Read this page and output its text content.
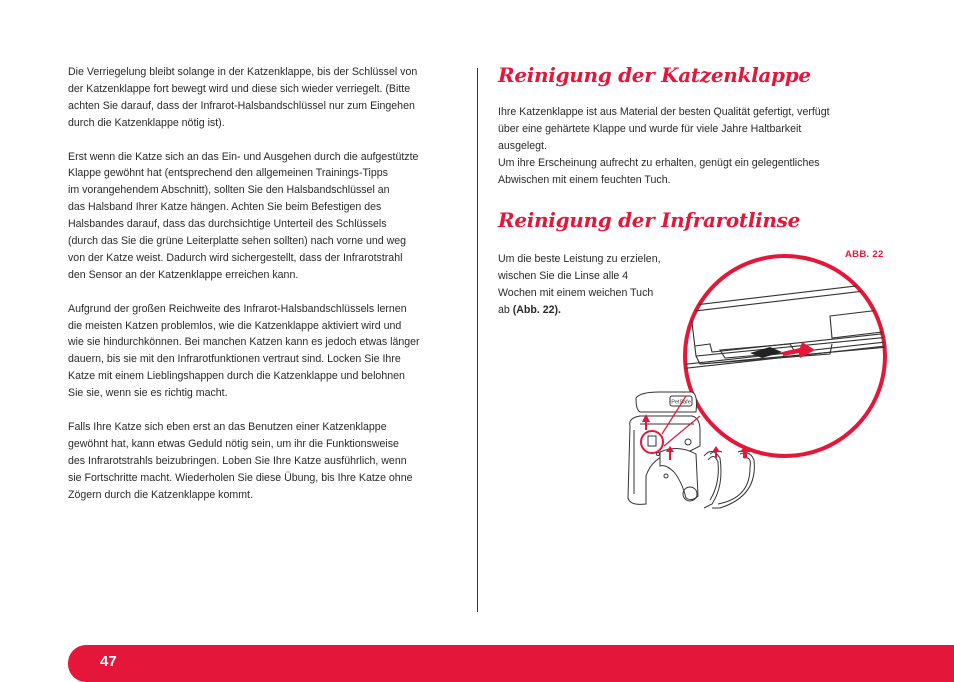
Die Verriegelung bleibt solange in der Katzenklappe, bis der Schlüssel von
der Katzenklappe fort bewegt wird und diese sich wieder verriegelt. (Bitte
achten Sie darauf, dass der Infrarot-Halsbandschlüssel nur zum Eingehen
durch die Katzenklappe nötig ist).

Erst wenn die Katze sich an das Ein- und Ausgehen durch die aufgestützte
Klappe gewöhnt hat (entsprechend den allgemeinen Trainings-Tipps
im vorangehendem Abschnitt), sollten Sie den Halsbandschlüssel an
das Halsband Ihrer Katze hängen. Achten Sie beim Befestigen des
Halsbandes darauf, dass das durchsichtige Unterteil des Schlüssels
(durch das Sie die grüne Leiterplatte sehen sollten) nach vorne und weg
von der Katze weist. Dadurch wird sichergestellt, dass der Infrarotstrahl
den Sensor an der Katzenklappe erreichen kann.

Aufgrund der großen Reichweite des Infrarot-Halsbandschlüssels lernen
die meisten Katzen problemlos, wie die Katzenklappe aktiviert wird und
wie sie hindurchkönnen. Bei manchen Katzen kann es jedoch etwas länger
dauern, bis sie mit den Infrarotfunktionen vertraut sind. Locken Sie Ihre
Katze mit einem Lieblingshappen durch die Katzenklappe und belohnen
Sie sie, wenn sie es richtig macht.

Falls Ihre Katze sich eben erst an das Benutzen einer Katzenklappe
gewöhnt hat, kann etwas Geduld nötig sein, um ihr die Funktionsweise
des Infrarotstrahls beizubringen. Loben Sie Ihre Katze ausführlich, wenn
sie Fortschritte macht. Wiederholen Sie diese Übung, bis Ihre Katze ohne
Zögern durch die Katzenklappe kommt.

Reinigung der Katzenklappe

Ihre Katzenklappe ist aus Material der besten Qualität gefertigt, verfügt
über eine gehärtete Klappe und wurde für viele Jahre Haltbarkeit
ausgelegt.
Um ihre Erscheinung aufrecht zu erhalten, genügt ein gelegentliches
Abwischen mit einem feuchten Tuch.

Reinigung der Infrarotlinse

Um die beste Leistung zu erzielen,
wischen Sie die Linse alle 4
Wochen mit einem weichen Tuch
ab (Abb. 22).

ABB. 22
PetSafe
47
